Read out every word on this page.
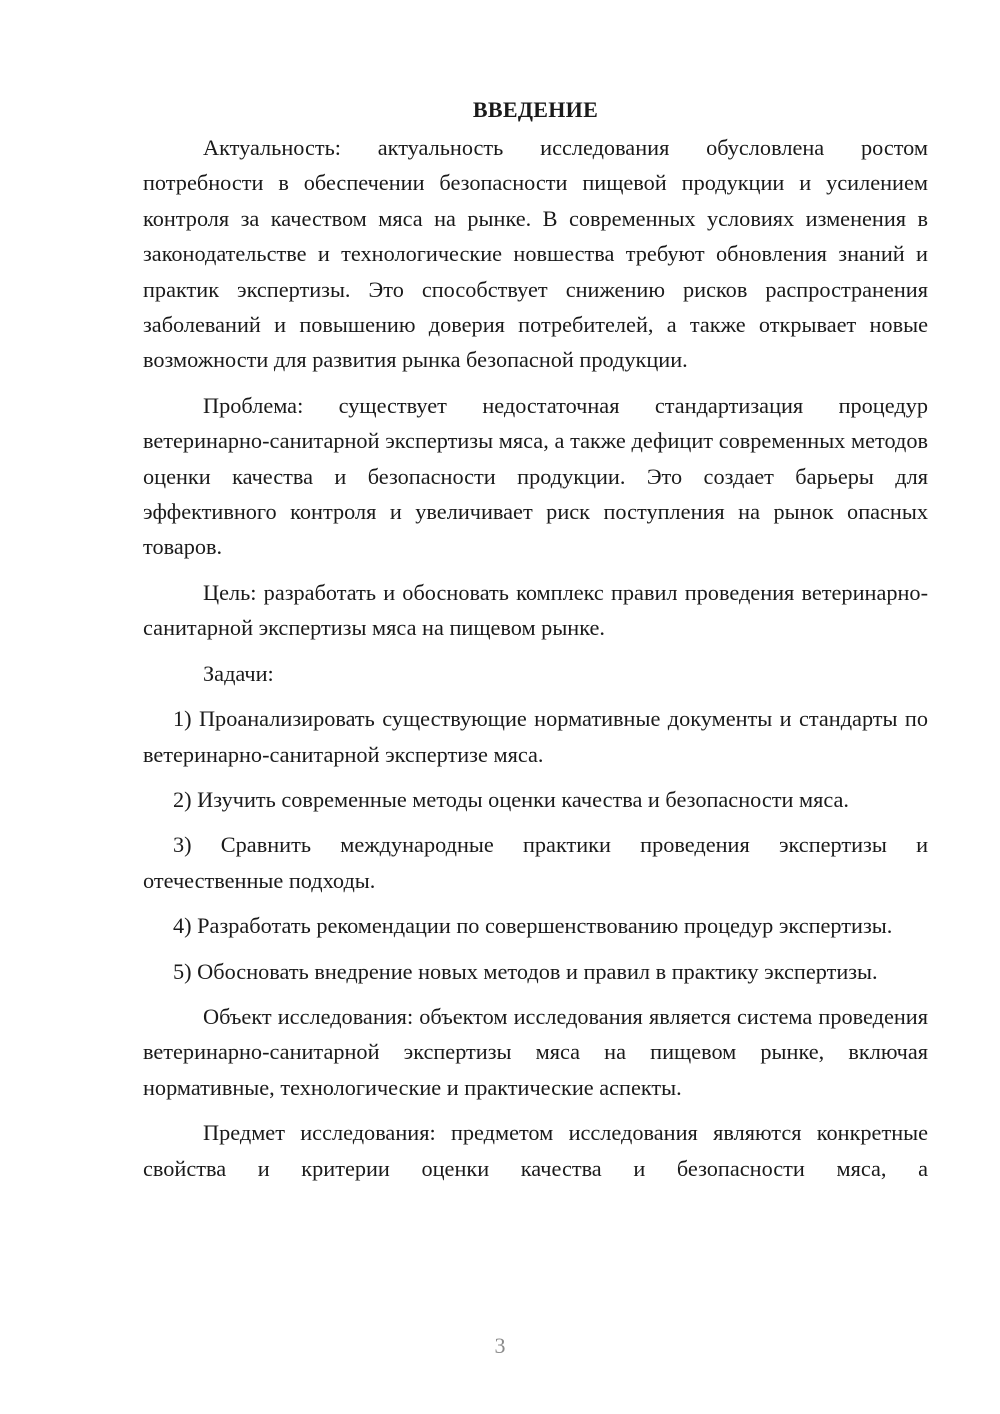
ВВЕДЕНИЕ

Актуальность: актуальность исследования обусловлена ростом потребности в обеспечении безопасности пищевой продукции и усилением контроля за качеством мяса на рынке. В современных условиях изменения в законодательстве и технологические новшества требуют обновления знаний и практик экспертизы. Это способствует снижению рисков распространения заболеваний и повышению доверия потребителей, а также открывает новые возможности для развития рынка безопасной продукции.

Проблема: существует недостаточная стандартизация процедур ветеринарно-санитарной экспертизы мяса, а также дефицит современных методов оценки качества и безопасности продукции. Это создает барьеры для эффективного контроля и увеличивает риск поступления на рынок опасных товаров.

Цель: разработать и обосновать комплекс правил проведения ветеринарно-санитарной экспертизы мяса на пищевом рынке.

Задачи:

1) Проанализировать существующие нормативные документы и стандарты по ветеринарно-санитарной экспертизе мяса.

2) Изучить современные методы оценки качества и безопасности мяса.

3) Сравнить международные практики проведения экспертизы и отечественные подходы.

4) Разработать рекомендации по совершенствованию процедур экспертизы.

5) Обосновать внедрение новых методов и правил в практику экспертизы.

Объект исследования: объектом исследования является система проведения ветеринарно-санитарной экспертизы мяса на пищевом рынке, включая нормативные, технологические и практические аспекты.

Предмет исследования: предметом исследования являются конкретные свойства и критерии оценки качества и безопасности мяса, а

3
